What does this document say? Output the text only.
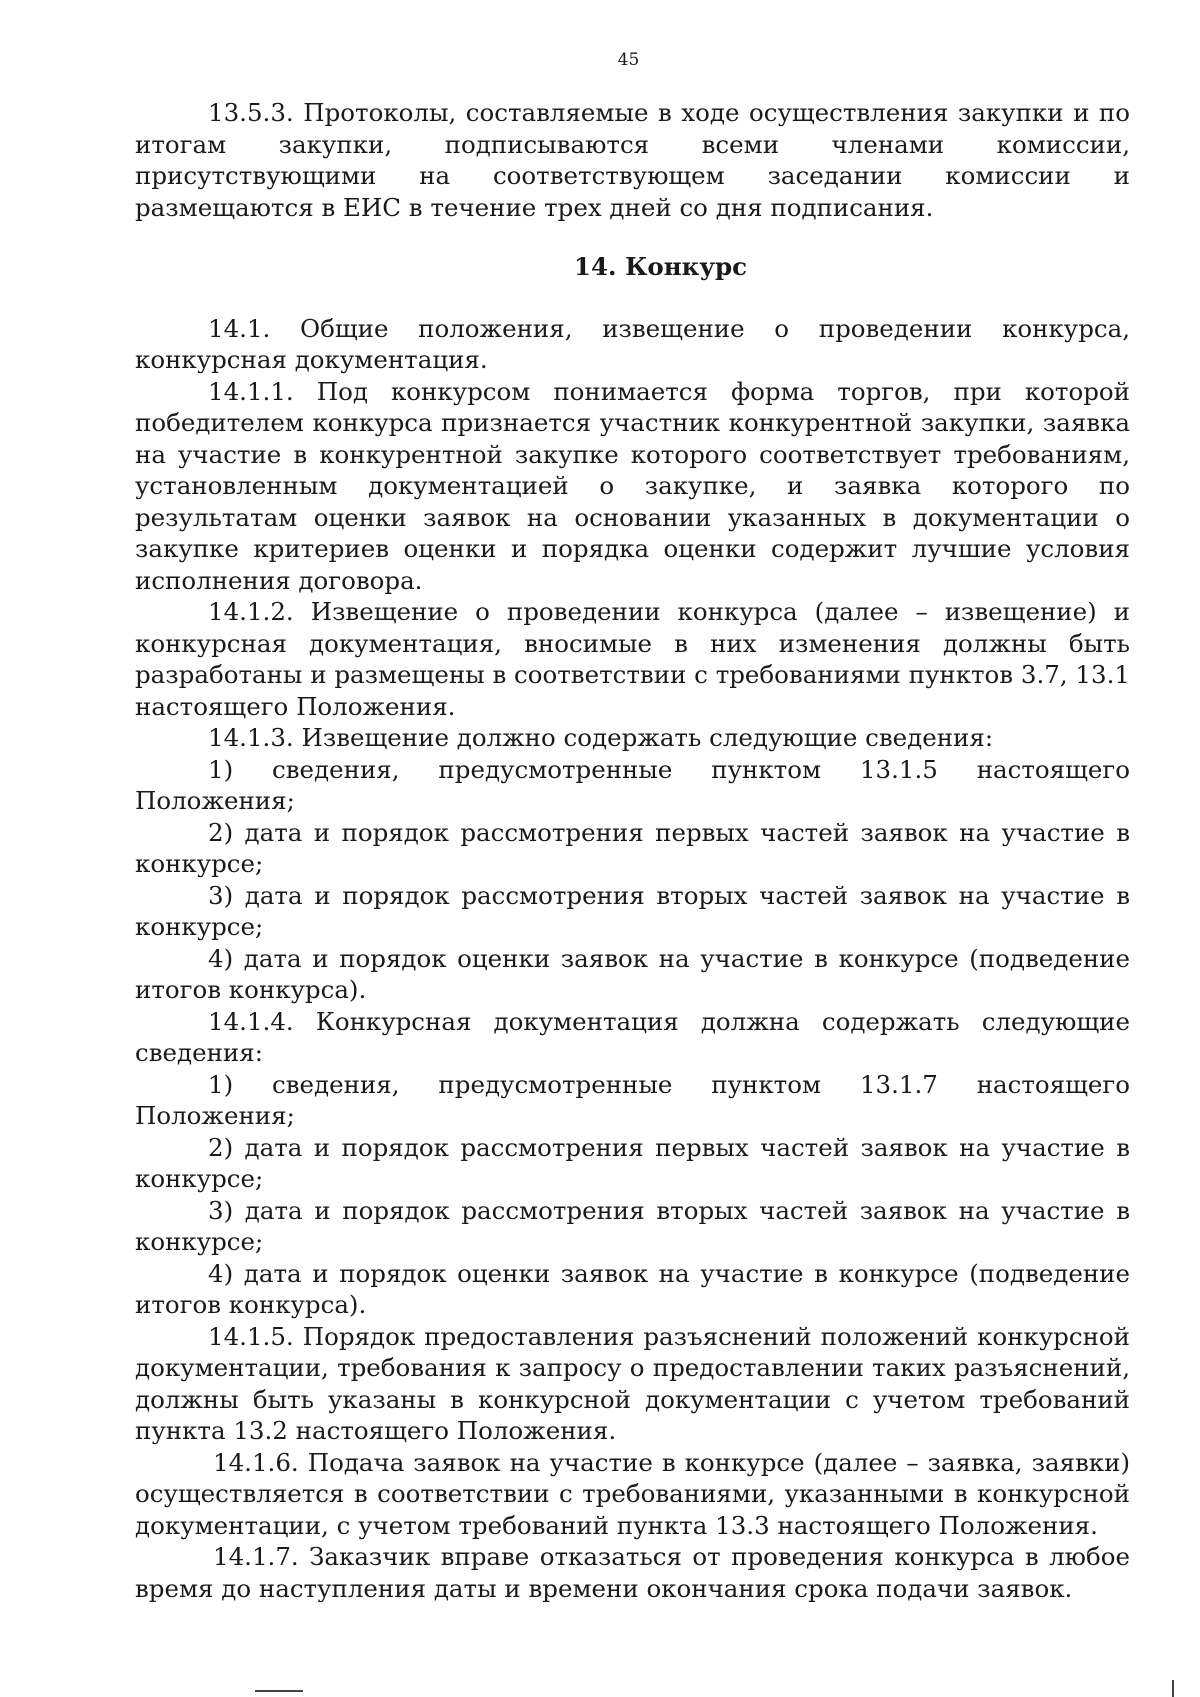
45

13.5.3. Протоколы, составляемые в ходе осуществления закупки и по итогам закупки, подписываются всеми членами комиссии, присутствующими на соответствующем заседании комиссии и размещаются в ЕИС в течение трех дней со дня подписания.

14. Конкурс

14.1. Общие положения, извещение о проведении конкурса, конкурсная документация.

14.1.1. Под конкурсом понимается форма торгов, при которой победителем конкурса признается участник конкурентной закупки, заявка на участие в конкурентной закупке которого соответствует требованиям, установленным документацией о закупке, и заявка которого по результатам оценки заявок на основании указанных в документации о закупке критериев оценки и порядка оценки содержит лучшие условия исполнения договора.

14.1.2. Извещение о проведении конкурса (далее – извещение) и конкурсная документация, вносимые в них изменения должны быть разработаны и размещены в соответствии с требованиями пунктов 3.7, 13.1 настоящего Положения.

14.1.3. Извещение должно содержать следующие сведения:

1) сведения, предусмотренные пунктом 13.1.5 настоящего Положения;

2) дата и порядок рассмотрения первых частей заявок на участие в конкурсе;

3) дата и порядок рассмотрения вторых частей заявок на участие в конкурсе;

4) дата и порядок оценки заявок на участие в конкурсе (подведение итогов конкурса).

14.1.4. Конкурсная документация должна содержать следующие сведения:

1) сведения, предусмотренные пунктом 13.1.7 настоящего Положения;

2) дата и порядок рассмотрения первых частей заявок на участие в конкурсе;

3) дата и порядок рассмотрения вторых частей заявок на участие в конкурсе;

4) дата и порядок оценки заявок на участие в конкурсе (подведение итогов конкурса).

14.1.5. Порядок предоставления разъяснений положений конкурсной документации, требования к запросу о предоставлении таких разъяснений, должны быть указаны в конкурсной документации с учетом требований пункта 13.2 настоящего Положения.

14.1.6. Подача заявок на участие в конкурсе (далее – заявка, заявки) осуществляется в соответствии с требованиями, указанными в конкурсной документации, с учетом требований пункта 13.3 настоящего Положения.

14.1.7. Заказчик вправе отказаться от проведения конкурса в любое время до наступления даты и времени окончания срока подачи заявок.
